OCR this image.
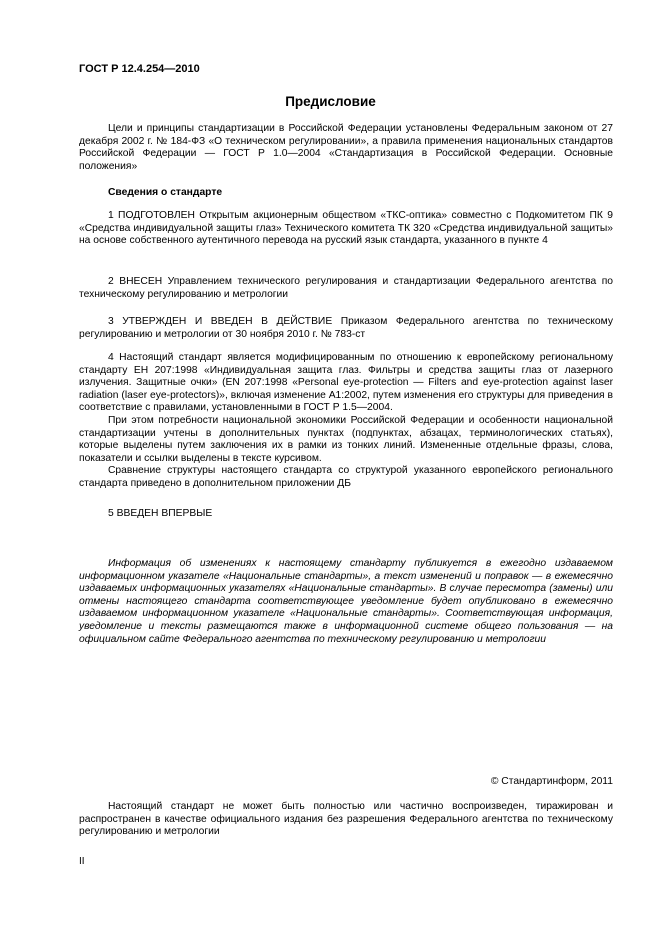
ГОСТ Р 12.4.254—2010
Предисловие

Цели и принципы стандартизации в Российской Федерации установлены Федеральным законом от 27 декабря 2002 г. № 184-ФЗ «О техническом регулировании», а правила применения национальных стандартов Российской Федерации — ГОСТ Р 1.0—2004 «Стандартизация в Российской Федерации. Основные положения»

Сведения о стандарте

1 ПОДГОТОВЛЕН Открытым акционерным обществом «ТКС-оптика» совместно с Подкомитетом ПК 9 «Средства индивидуальной защиты глаз» Технического комитета ТК 320 «Средства индивидуальной защиты» на основе собственного аутентичного перевода на русский язык стандарта, указанного в пункте 4

2 ВНЕСЕН Управлением технического регулирования и стандартизации Федерального агентства по техническому регулированию и метрологии

3 УТВЕРЖДЕН И ВВЕДЕН В ДЕЙСТВИЕ Приказом Федерального агентства по техническому регулированию и метрологии от 30 ноября 2010 г. № 783-ст

4 Настоящий стандарт является модифицированным по отношению к европейскому региональному стандарту ЕН 207:1998 «Индивидуальная защита глаз. Фильтры и средства защиты глаз от лазерного излучения. Защитные очки» (EN 207:1998 «Personal eye-protection — Filters and eye-protection against laser radiation (laser eye-protectors)», включая изменение A1:2002, путем изменения его структуры для приведения в соответствие с правилами, установленными в ГОСТ Р 1.5—2004.

При этом потребности национальной экономики Российской Федерации и особенности национальной стандартизации учтены в дополнительных пунктах (подпунктах, абзацах, терминологических статьях), которые выделены путем заключения их в рамки из тонких линий. Измененные отдельные фразы, слова, показатели и ссылки выделены в тексте курсивом.

Сравнение структуры настоящего стандарта со структурой указанного европейского регионального стандарта приведено в дополнительном приложении ДБ

5 ВВЕДЕН ВПЕРВЫЕ

Информация об изменениях к настоящему стандарту публикуется в ежегодно издаваемом информационном указателе «Национальные стандарты», а текст изменений и поправок — в ежемесячно издаваемых информационных указателях «Национальные стандарты». В случае пересмотра (замены) или отмены настоящего стандарта соответствующее уведомление будет опубликовано в ежемесячно издаваемом информационном указателе «Национальные стандарты». Соответствующая информация, уведомление и тексты размещаются также в информационной системе общего пользования — на официальном сайте Федерального агентства по техническому регулированию и метрологии

© Стандартинформ, 2011

Настоящий стандарт не может быть полностью или частично воспроизведен, тиражирован и распространен в качестве официального издания без разрешения Федерального агентства по техническому регулированию и метрологии

II
